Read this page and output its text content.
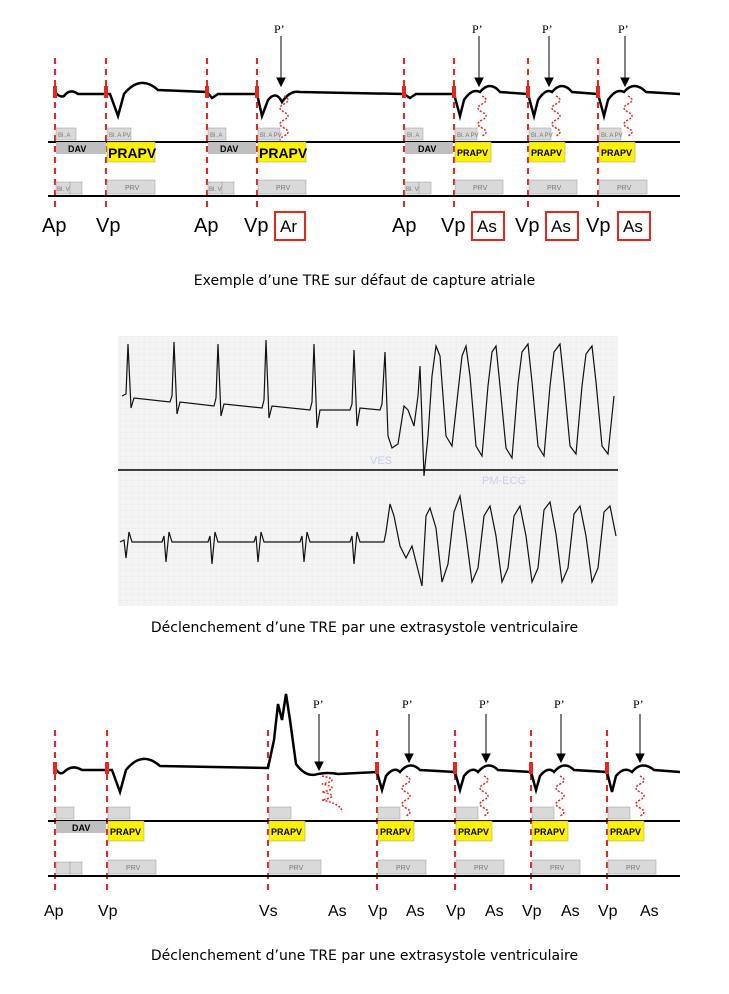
P’	P’	P’	P’
Bl. A
DAV
Bl. A PV
PRAPV
Bl. A
DAV
Bl. A PV
PRAPV
Bl. A
DAV
Bl. A PV
PRAPV
Bl. A PV
PRAPV
Bl. A PV
PRAPV
Bl. V	PRV	Bl. V	PRV	Bl. V	PRV	PRV	PRV
Ap Vp	Ap Vp Ar	Ap Vp As Vp As Vp As
Exemple d’une TRE sur défaut de capture atriale
VES
PM-ECG
Déclenchement d’une TRE par une extrasystole ventriculaire
P’	P’	P’	P’	P’
DAV PRAPV	PRAPV	PRAPV	PRAPV	PRAPV	PRAPV
PRV	PRV	PRV	PRV	PRV	PRV
Ap Vp	Vs	As Vp As Vp As Vp As Vp As
Déclenchement d’une TRE par une extrasystole ventriculaire
